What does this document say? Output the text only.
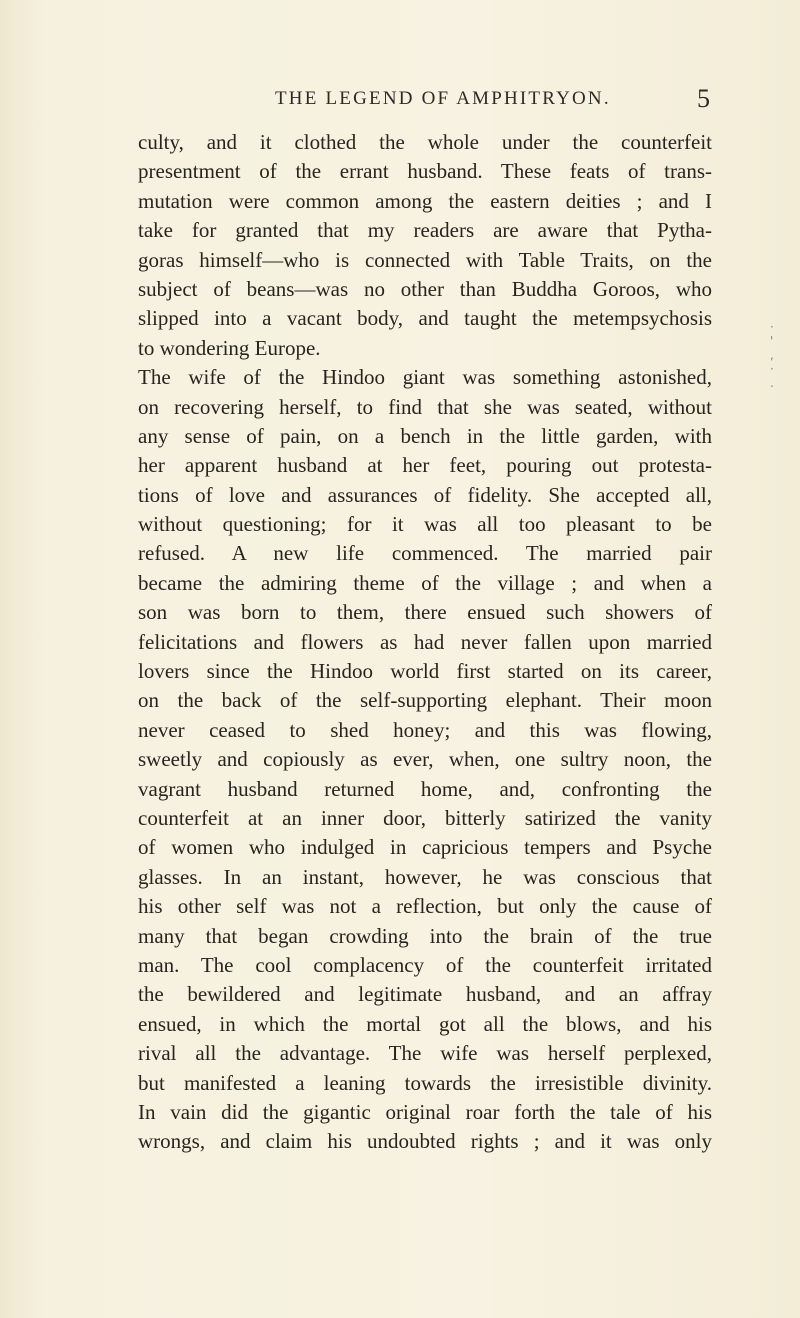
THE LEGEND OF AMPHITRYON.	5
culty, and it clothed the whole under the counterfeit
presentment of the errant husband. These feats of trans-
mutation were common among the eastern deities ; and I
take for granted that my readers are aware that Pytha-
goras himself—who is connected with Table Traits, on the
subject of beans—was no other than Buddha Goroos, who
slipped into a vacant body, and taught the metempsychosis
to wondering Europe.
The wife of the Hindoo giant was something astonished,
on recovering herself, to find that she was seated, without
any sense of pain, on a bench in the little garden, with
her apparent husband at her feet, pouring out protesta-
tions of love and assurances of fidelity. She accepted all,
without questioning; for it was all too pleasant to be
refused. A new life commenced. The married pair
became the admiring theme of the village ; and when a
son was born to them, there ensued such showers of
felicitations and flowers as had never fallen upon married
lovers since the Hindoo world first started on its career,
on the back of the self-supporting elephant. Their moon
never ceased to shed honey; and this was flowing,
sweetly and copiously as ever, when, one sultry noon, the
vagrant husband returned home, and, confronting the
counterfeit at an inner door, bitterly satirized the vanity
of women who indulged in capricious tempers and Psyche
glasses. In an instant, however, he was conscious that
his other self was not a reflection, but only the cause of
many that began crowding into the brain of the true
man. The cool complacency of the counterfeit irritated
the bewildered and legitimate husband, and an affray
ensued, in which the mortal got all the blows, and his
rival all the advantage. The wife was herself perplexed,
but manifested a leaning towards the irresistible divinity.
In vain did the gigantic original roar forth the tale of his
wrongs, and claim his undoubted rights ; and it was only
·
'
,
·
.
